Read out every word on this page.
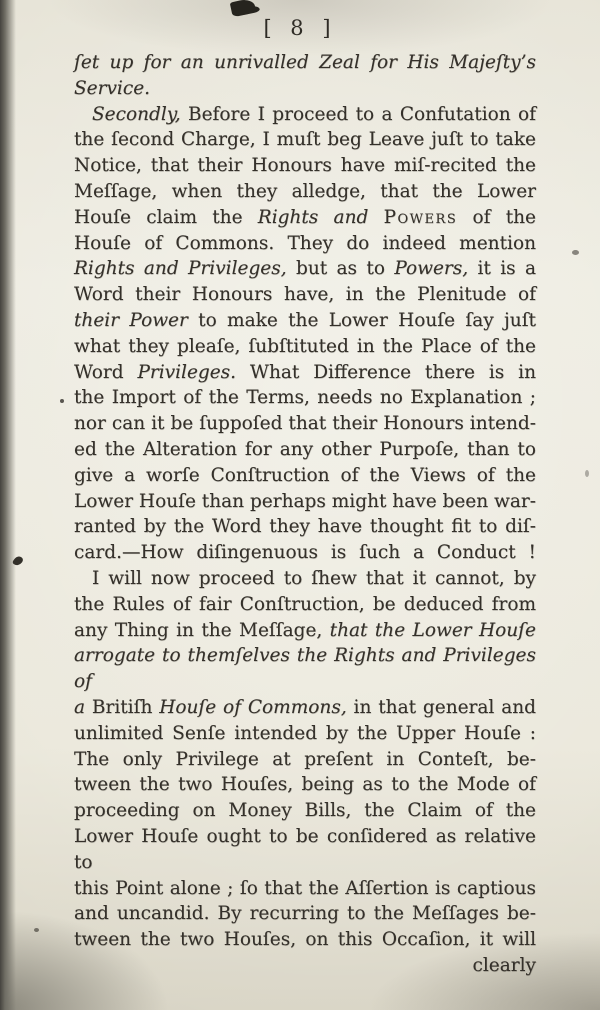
[ 8 ]
ſet up for an unrivalled Zeal for His Majeſty’s
Service.
Secondly, Before I proceed to a Confutation of
the ſecond Charge, I muſt beg Leave juſt to take
Notice, that their Honours have miſ-recited the
Meſſage, when they alledge, that the Lower
Houſe claim the Rights and Powers of the
Houſe of Commons. They do indeed mention
Rights and Privileges, but as to Powers, it is a
Word their Honours have, in the Plenitude of
their Power to make the Lower Houſe ſay juſt
what they pleaſe, ſubſtituted in the Place of the
Word Privileges. What Difference there is in
the Import of the Terms, needs no Explanation ;
nor can it be ſuppoſed that their Honours intend-
ed the Alteration for any other Purpoſe, than to
give a worſe Conſtruction of the Views of the
Lower Houſe than perhaps might have been war-
ranted by the Word they have thought fit to diſ-
card.—How diſingenuous is ſuch a Conduct !
I will now proceed to ſhew that it cannot, by
the Rules of fair Conſtruction, be deduced from
any Thing in the Meſſage, that the Lower Houſe
arrogate to themſelves the Rights and Privileges of
a Britiſh Houſe of Commons, in that general and
unlimited Senſe intended by the Upper Houſe :
The only Privilege at preſent in Conteſt, be-
tween the two Houſes, being as to the Mode of
proceeding on Money Bills, the Claim of the
Lower Houſe ought to be conſidered as relative to
this Point alone ; ſo that the Aſſertion is captious
and uncandid. By recurring to the Meſſages be-
tween the two Houſes, on this Occaſion, it will
clearly
